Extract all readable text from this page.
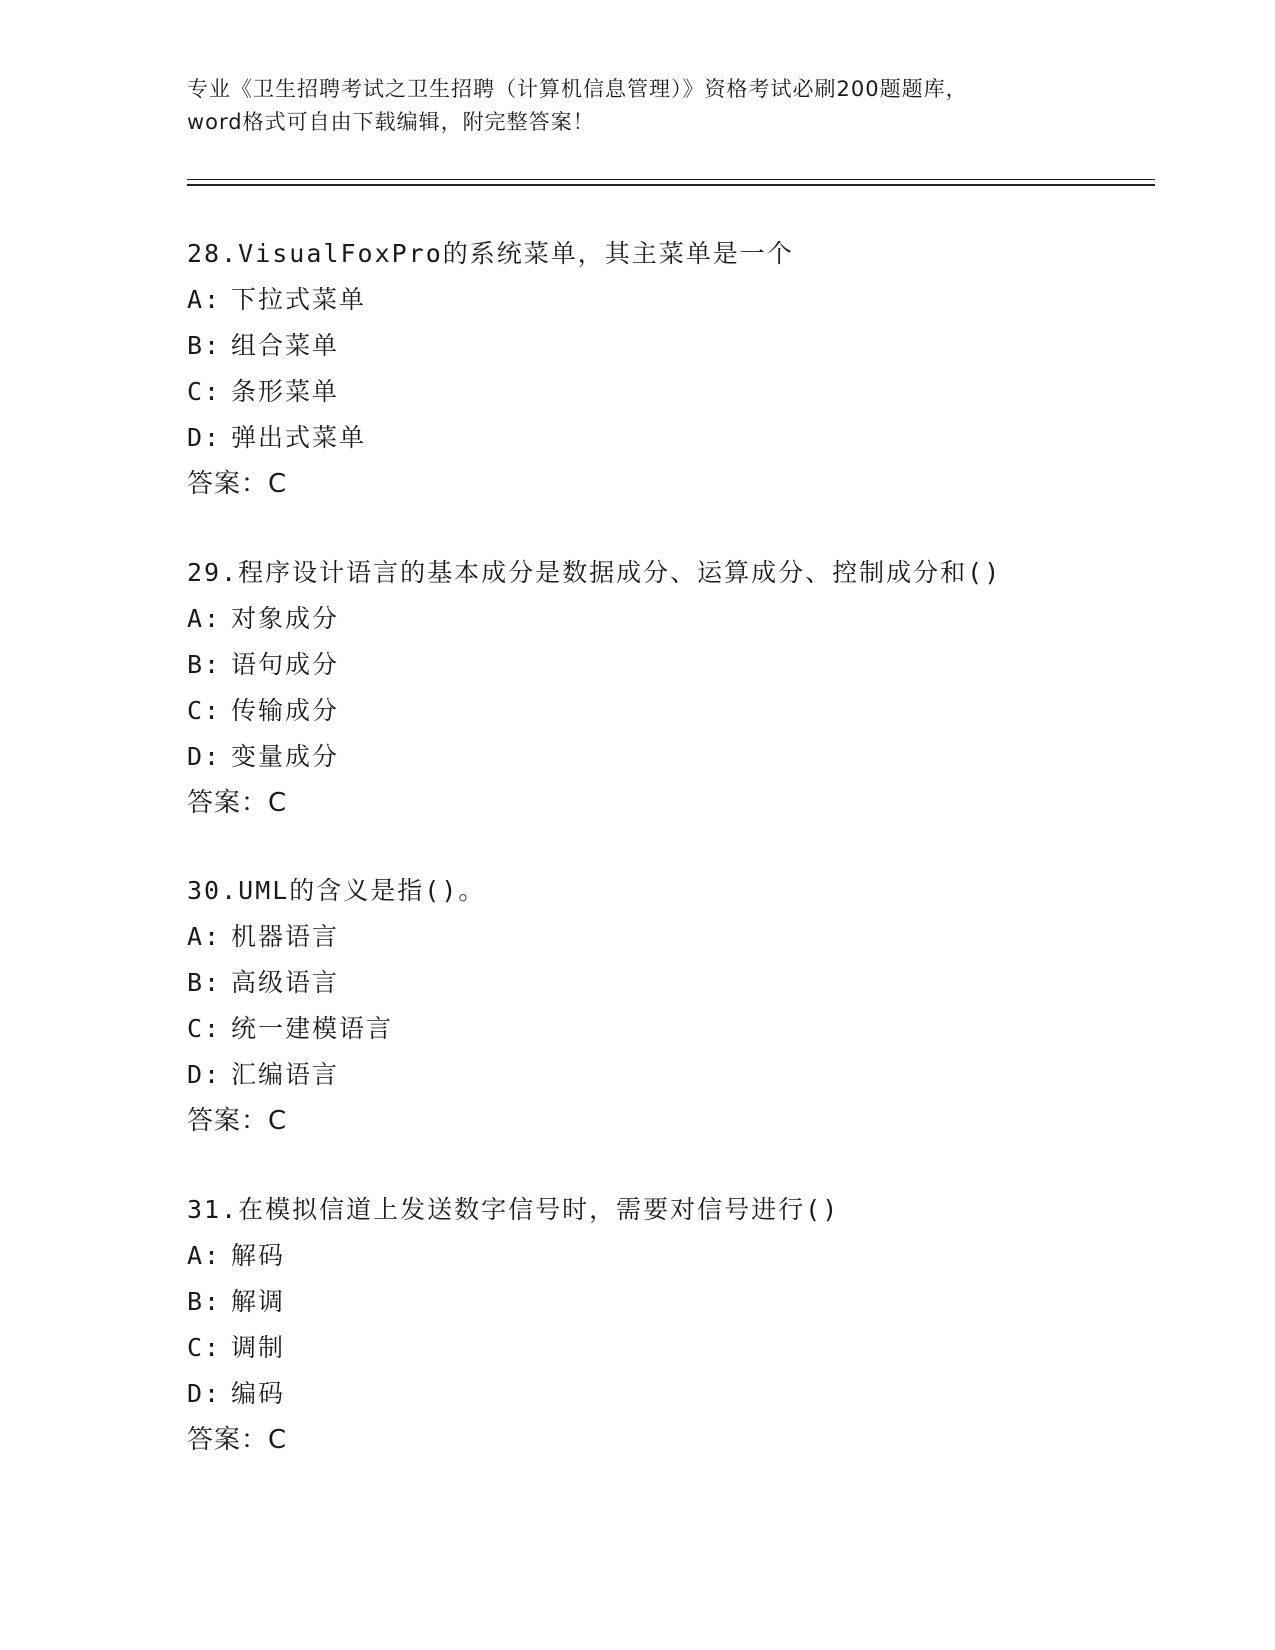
专业《卫生招聘考试之卫生招聘（计算机信息管理）》资格考试必刷200题题库，
word格式可自由下载编辑，附完整答案！
28.VisualFoxPro的系统菜单，其主菜单是一个
A: 下拉式菜单
B: 组合菜单
C: 条形菜单
D: 弹出式菜单
答案：C
29.程序设计语言的基本成分是数据成分、运算成分、控制成分和()
A: 对象成分
B: 语句成分
C: 传输成分
D: 变量成分
答案：C
30.UML的含义是指()。
A: 机器语言
B: 高级语言
C: 统一建模语言
D: 汇编语言
答案：C
31.在模拟信道上发送数字信号时，需要对信号进行()
A: 解码
B: 解调
C: 调制
D: 编码
答案：C
